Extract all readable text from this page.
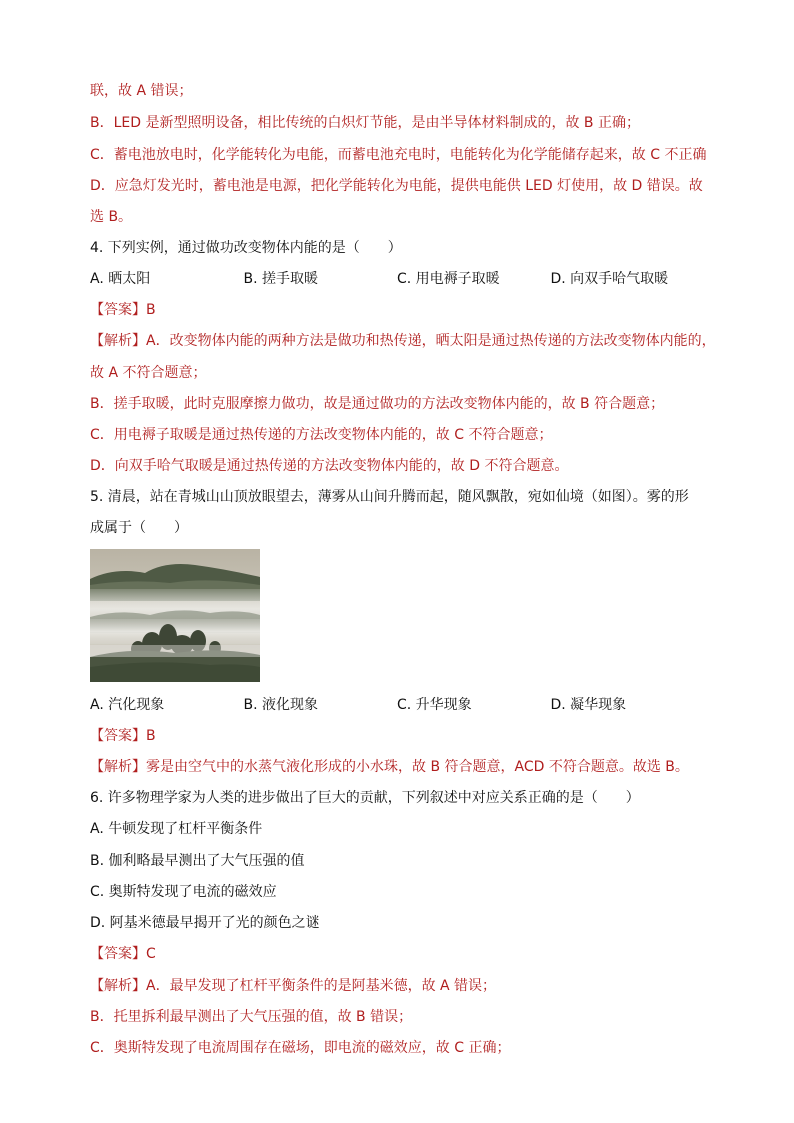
联，故 A 错误；
B．LED 是新型照明设备，相比传统的白炽灯节能，是由半导体材料制成的，故 B 正确；
C．蓄电池放电时，化学能转化为电能，而蓄电池充电时，电能转化为化学能储存起来，故 C 不正确
D．应急灯发光时，蓄电池是电源，把化学能转化为电能，提供电能供 LED 灯使用，故 D 错误。故
选 B。
4. 下列实例，通过做功改变物体内能的是（　　）
A. 晒太阳	B. 搓手取暖	C. 用电褥子取暖	D. 向双手哈气取暖
【答案】B
【解析】A．改变物体内能的两种方法是做功和热传递，晒太阳是通过热传递的方法改变物体内能的，
故 A 不符合题意；
B．搓手取暖，此时克服摩擦力做功，故是通过做功的方法改变物体内能的，故 B 符合题意；
C．用电褥子取暖是通过热传递的方法改变物体内能的，故 C 不符合题意；
D．向双手哈气取暖是通过热传递的方法改变物体内能的，故 D 不符合题意。
5. 清晨，站在青城山山顶放眼望去，薄雾从山间升腾而起，随风飘散，宛如仙境（如图）。雾的形
成属于（　　）
A. 汽化现象	B. 液化现象	C. 升华现象	D. 凝华现象
【答案】B
【解析】雾是由空气中的水蒸气液化形成的小水珠，故 B 符合题意，ACD 不符合题意。故选 B。
6. 许多物理学家为人类的进步做出了巨大的贡献，下列叙述中对应关系正确的是（　　）
A. 牛顿发现了杠杆平衡条件
B. 伽利略最早测出了大气压强的值
C. 奥斯特发现了电流的磁效应
D. 阿基米德最早揭开了光的颜色之谜
【答案】C
【解析】A．最早发现了杠杆平衡条件的是阿基米德，故 A 错误；
B．托里拆利最早测出了大气压强的值，故 B 错误；
C．奥斯特发现了电流周围存在磁场，即电流的磁效应，故 C 正确；
